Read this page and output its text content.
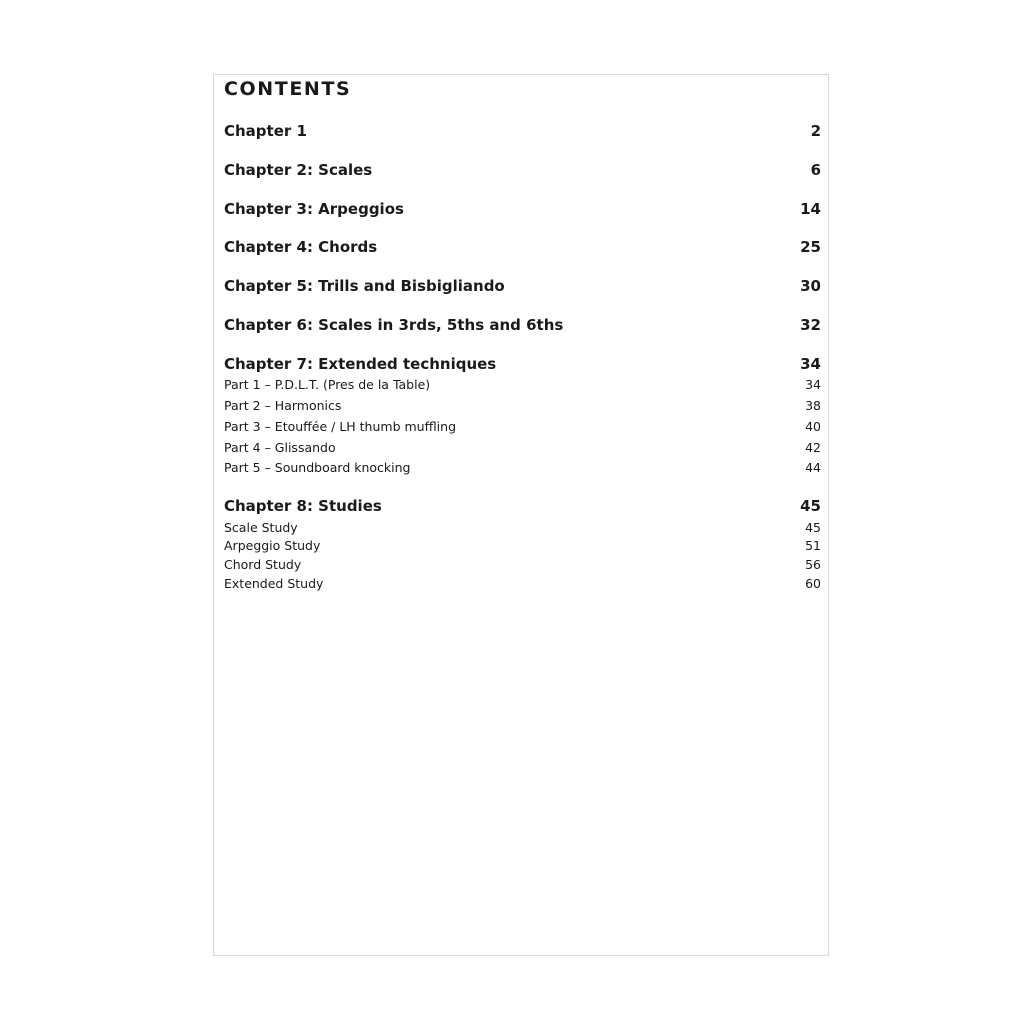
CONTENTS
Chapter 1	2
Chapter 2: Scales	6
Chapter 3: Arpeggios	14
Chapter 4: Chords	25
Chapter 5: Trills and Bisbigliando	30
Chapter 6: Scales in 3rds, 5ths and 6ths	32
Chapter 7: Extended techniques	34
Part 1 – P.D.L.T. (Pres de la Table)	34
Part 2 – Harmonics	38
Part 3 – Etouffée / LH thumb muffling	40
Part 4 – Glissando	42
Part 5 – Soundboard knocking	44
Chapter 8: Studies	45
Scale Study	45
Arpeggio Study	51
Chord Study	56
Extended Study	60
